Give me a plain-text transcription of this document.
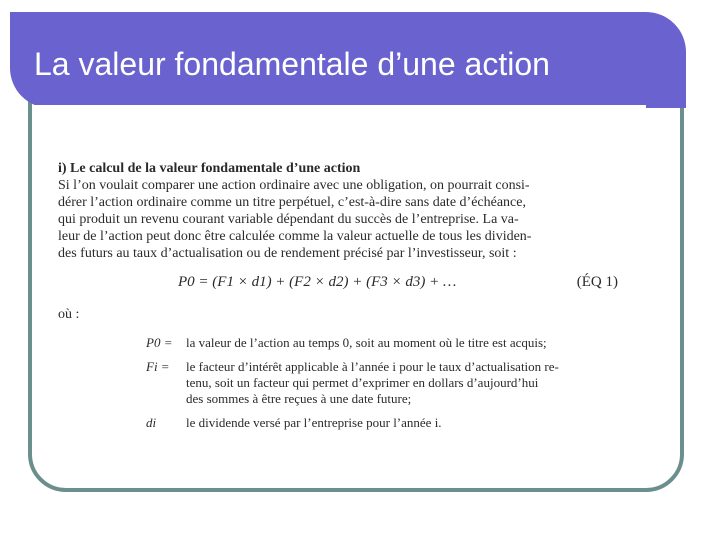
La valeur fondamentale d’une action
i) Le calcul de la valeur fondamentale d’une action

Si l’on voulait comparer une action ordinaire avec une obligation, on pourrait consi-
dérer l’action ordinaire comme un titre perpétuel, c’est-à-dire sans date d’échéance,
qui produit un revenu courant variable dépendant du succès de l’entreprise. La va-
leur de l’action peut donc être calculée comme la valeur actuelle de tous les dividen-
des futurs au taux d’actualisation ou de rendement précisé par l’investisseur, soit :

P0 = (F1 × d1) + (F2 × d2) + (F3 × d3) + …	(ÉQ 1)
où :
P0 = la valeur de l’action au temps 0, soit au moment où le titre est acquis;
Fi = le facteur d’intérêt applicable à l’année i pour le taux d’actualisation re-
tenu, soit un facteur qui permet d’exprimer en dollars d’aujourd’hui
des sommes à être reçues à une date future;
di le dividende versé par l’entreprise pour l’année i.
